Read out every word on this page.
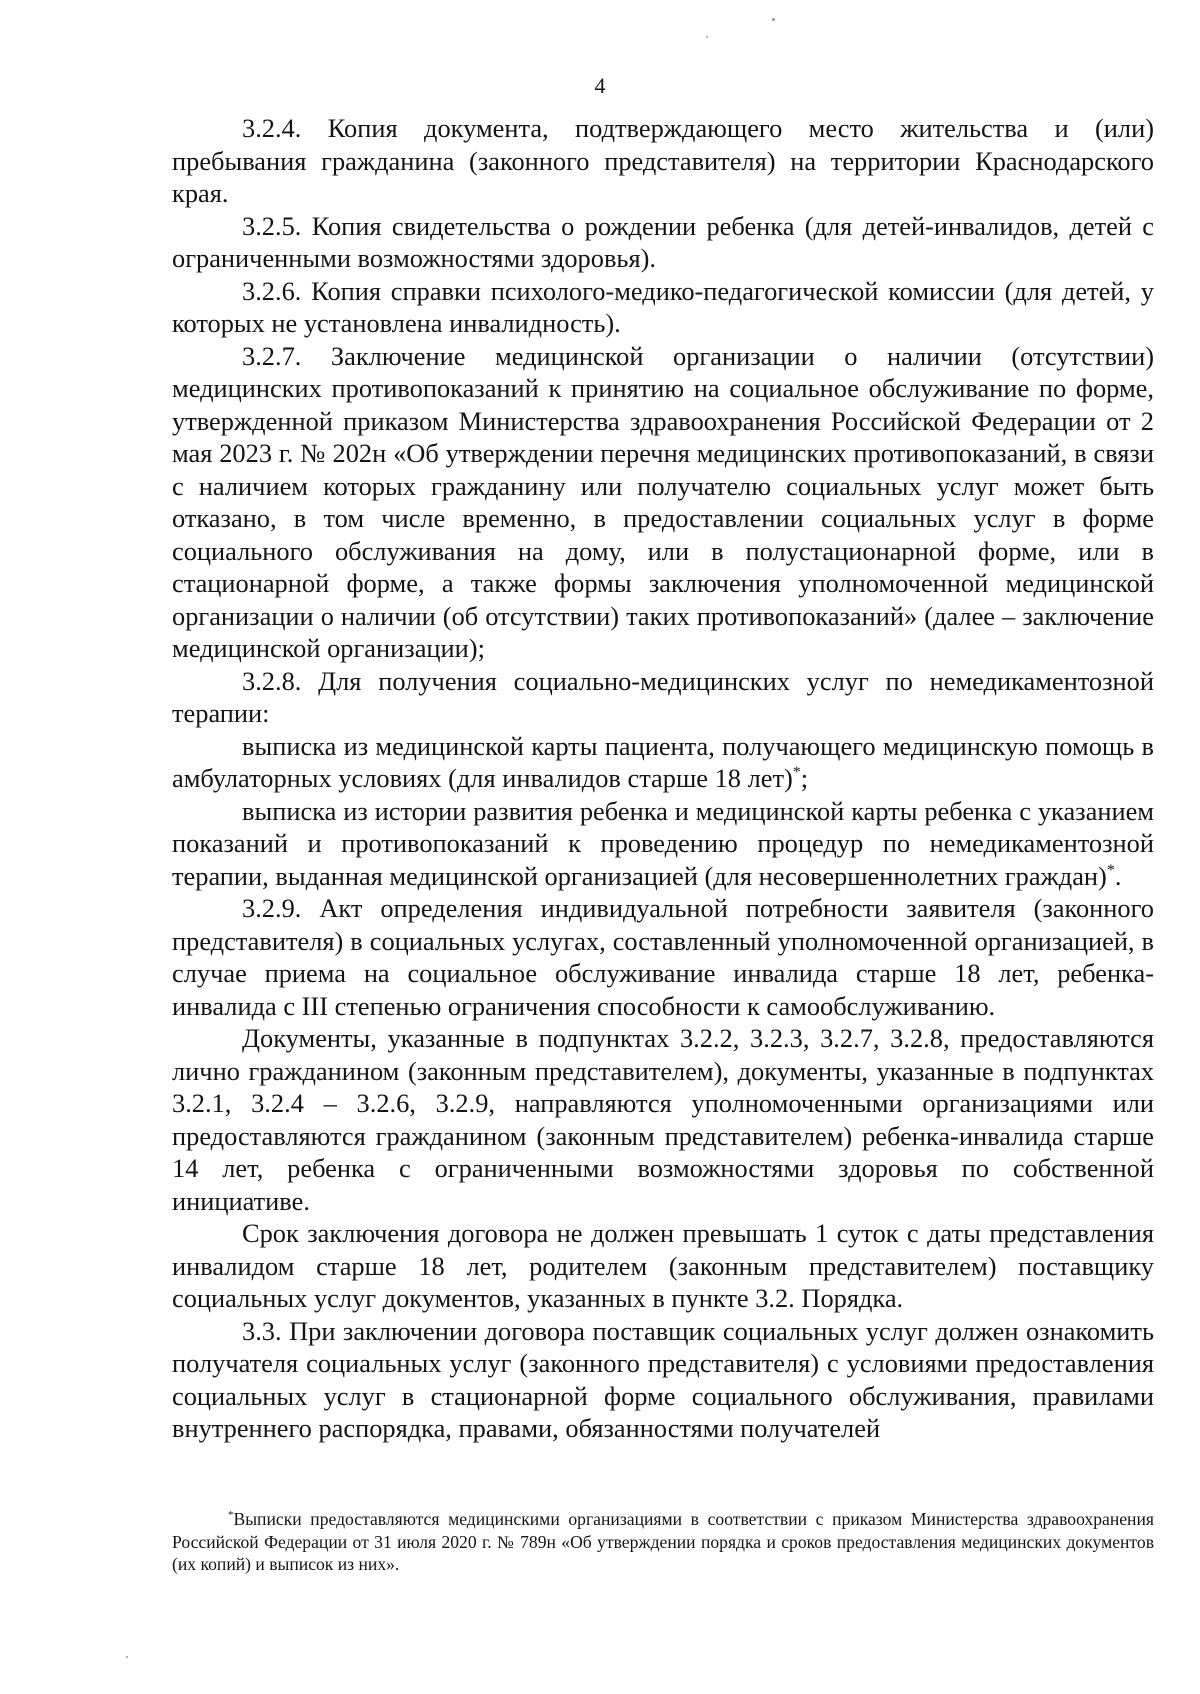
4

3.2.4. Копия документа, подтверждающего место жительства и (или) пребывания гражданина (законного представителя) на территории Краснодарского края.

3.2.5. Копия свидетельства о рождении ребенка (для детей-инвалидов, детей с ограниченными возможностями здоровья).

3.2.6. Копия справки психолого-медико-педагогической комиссии (для детей, у которых не установлена инвалидность).

3.2.7. Заключение медицинской организации о наличии (отсутствии) медицинских противопоказаний к принятию на социальное обслуживание по форме, утвержденной приказом Министерства здравоохранения Российской Федерации от 2 мая 2023 г. № 202н «Об утверждении перечня медицинских противопоказаний, в связи с наличием которых гражданину или получателю социальных услуг может быть отказано, в том числе временно, в предоставлении социальных услуг в форме социального обслуживания на дому, или в полустационарной форме, или в стационарной форме, а также формы заключения уполномоченной медицинской организации о наличии (об отсутствии) таких противопоказаний» (далее – заключение медицинской организации);

3.2.8. Для получения социально-медицинских услуг по немедикаментозной терапии:

выписка из медицинской карты пациента, получающего медицинскую помощь в амбулаторных условиях (для инвалидов старше 18 лет)*;

выписка из истории развития ребенка и медицинской карты ребенка с указанием показаний и противопоказаний к проведению процедур по немедикаментозной терапии, выданная медицинской организацией (для несовершеннолетних граждан)*.

3.2.9. Акт определения индивидуальной потребности заявителя (законного представителя) в социальных услугах, составленный уполномоченной организацией, в случае приема на социальное обслуживание инвалида старше 18 лет, ребенка-инвалида с III степенью ограничения способности к самообслуживанию.

Документы, указанные в подпунктах 3.2.2, 3.2.3, 3.2.7, 3.2.8, предоставляются лично гражданином (законным представителем), документы, указанные в подпунктах 3.2.1, 3.2.4 – 3.2.6, 3.2.9, направляются уполномоченными организациями или предоставляются гражданином (законным представителем) ребенка-инвалида старше 14 лет, ребенка с ограниченными возможностями здоровья по собственной инициативе.

Срок заключения договора не должен превышать 1 суток с даты представления инвалидом старше 18 лет, родителем (законным представителем) поставщику социальных услуг документов, указанных в пункте 3.2. Порядка.

3.3. При заключении договора поставщик социальных услуг должен ознакомить получателя социальных услуг (законного представителя) с условиями предоставления социальных услуг в стационарной форме социального обслуживания, правилами внутреннего распорядка, правами, обязанностями получателей

*Выписки предоставляются медицинскими организациями в соответствии с приказом Министерства здравоохранения Российской Федерации от 31 июля 2020 г. № 789н «Об утверждении порядка и сроков предоставления медицинских документов (их копий) и выписок из них».
